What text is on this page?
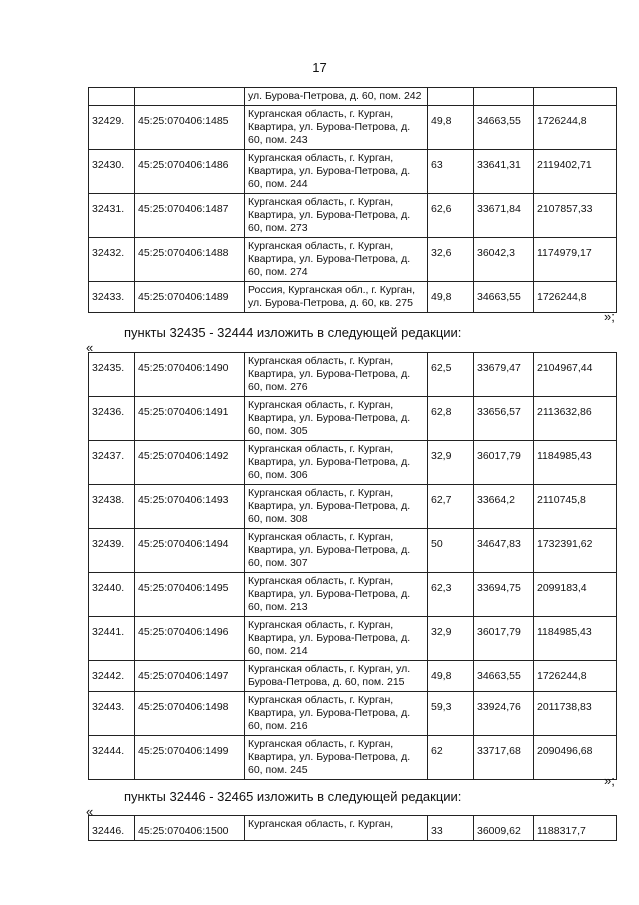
17
		ул. Бурова-Петрова, д. 60, пом. 242			
32429.	45:25:070406:1485	Курганская область, г. Курган, Квартира, ул. Бурова-Петрова, д. 60, пом. 243	49,8	34663,55	1726244,8
32430.	45:25:070406:1486	Курганская область, г. Курган, Квартира, ул. Бурова-Петрова, д. 60, пом. 244	63	33641,31	2119402,71
32431.	45:25:070406:1487	Курганская область, г. Курган, Квартира, ул. Бурова-Петрова, д. 60, пом. 273	62,6	33671,84	2107857,33
32432.	45:25:070406:1488	Курганская область, г. Курган, Квартира, ул. Бурова-Петрова, д. 60, пом. 274	32,6	36042,3	1174979,17
32433.	45:25:070406:1489	Россия, Курганская обл., г. Курган, ул. Бурова-Петрова, д. 60, кв. 275	49,8	34663,55	1726244,8
»;
пункты 32435 - 32444 изложить в следующей редакции:
«
32435.	45:25:070406:1490	Курганская область, г. Курган, Квартира, ул. Бурова-Петрова, д. 60, пом. 276	62,5	33679,47	2104967,44
32436.	45:25:070406:1491	Курганская область, г. Курган, Квартира, ул. Бурова-Петрова, д. 60, пом. 305	62,8	33656,57	2113632,86
32437.	45:25:070406:1492	Курганская область, г. Курган, Квартира, ул. Бурова-Петрова, д. 60, пом. 306	32,9	36017,79	1184985,43
32438.	45:25:070406:1493	Курганская область, г. Курган, Квартира, ул. Бурова-Петрова, д. 60, пом. 308	62,7	33664,2	2110745,8
32439.	45:25:070406:1494	Курганская область, г. Курган, Квартира, ул. Бурова-Петрова, д. 60, пом. 307	50	34647,83	1732391,62
32440.	45:25:070406:1495	Курганская область, г. Курган, Квартира, ул. Бурова-Петрова, д. 60, пом. 213	62,3	33694,75	2099183,4
32441.	45:25:070406:1496	Курганская область, г. Курган, Квартира, ул. Бурова-Петрова, д. 60, пом. 214	32,9	36017,79	1184985,43
32442.	45:25:070406:1497	Курганская область, г. Курган, ул. Бурова-Петрова, д. 60, пом. 215	49,8	34663,55	1726244,8
32443.	45:25:070406:1498	Курганская область, г. Курган, Квартира, ул. Бурова-Петрова, д. 60, пом. 216	59,3	33924,76	2011738,83
32444.	45:25:070406:1499	Курганская область, г. Курган, Квартира, ул. Бурова-Петрова, д. 60, пом. 245	62	33717,68	2090496,68
»;
пункты 32446 - 32465 изложить в следующей редакции:
«
32446.	45:25:070406:1500	Курганская область, г. Курган,	33	36009,62	1188317,7
